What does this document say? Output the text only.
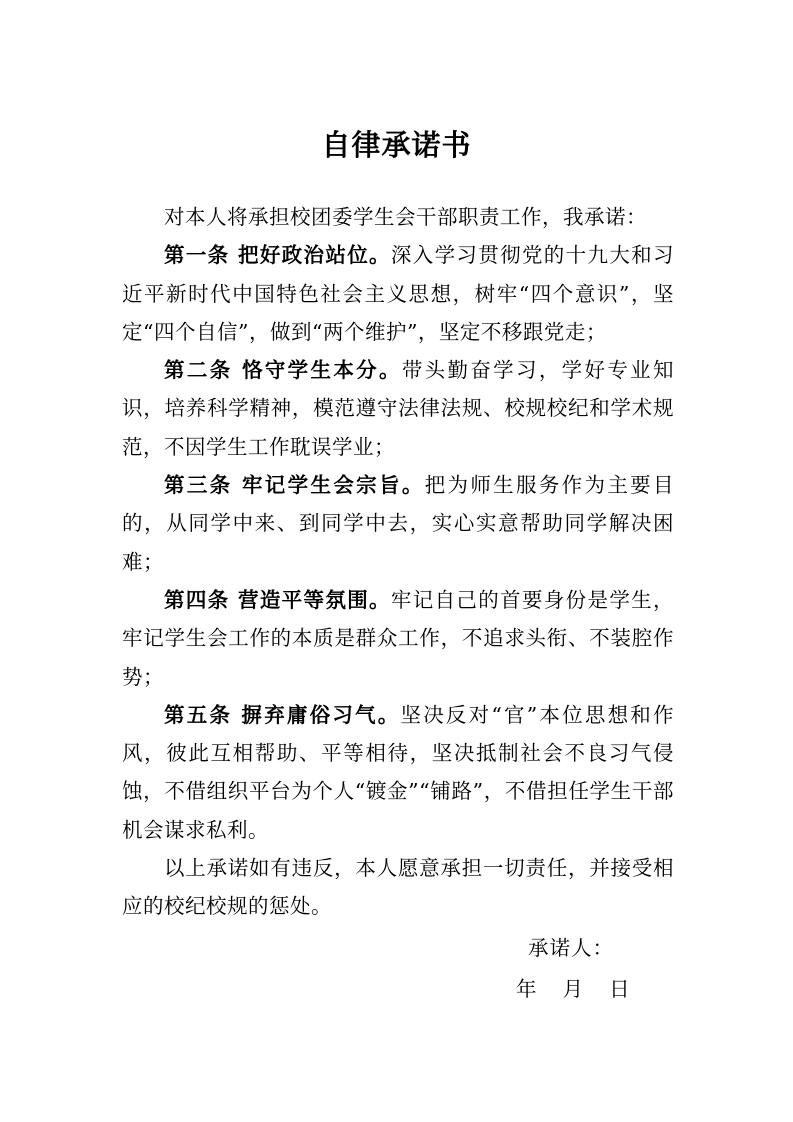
自律承诺书

对本人将承担校团委学生会干部职责工作，我承诺：

第一条 把好政治站位。深入学习贯彻党的十九大和习近平新时代中国特色社会主义思想，树牢“四个意识”，坚定“四个自信”，做到“两个维护”，坚定不移跟党走；

第二条 恪守学生本分。带头勤奋学习，学好专业知识，培养科学精神，模范遵守法律法规、校规校纪和学术规范，不因学生工作耽误学业；

第三条 牢记学生会宗旨。把为师生服务作为主要目的，从同学中来、到同学中去，实心实意帮助同学解决困难；

第四条 营造平等氛围。牢记自己的首要身份是学生，牢记学生会工作的本质是群众工作，不追求头衔、不装腔作势；

第五条 摒弃庸俗习气。坚决反对“官”本位思想和作风，彼此互相帮助、平等相待，坚决抵制社会不良习气侵蚀，不借组织平台为个人“镀金”“铺路”，不借担任学生干部机会谋求私利。

以上承诺如有违反，本人愿意承担一切责任，并接受相应的校纪校规的惩处。

承诺人：
年    月    日
